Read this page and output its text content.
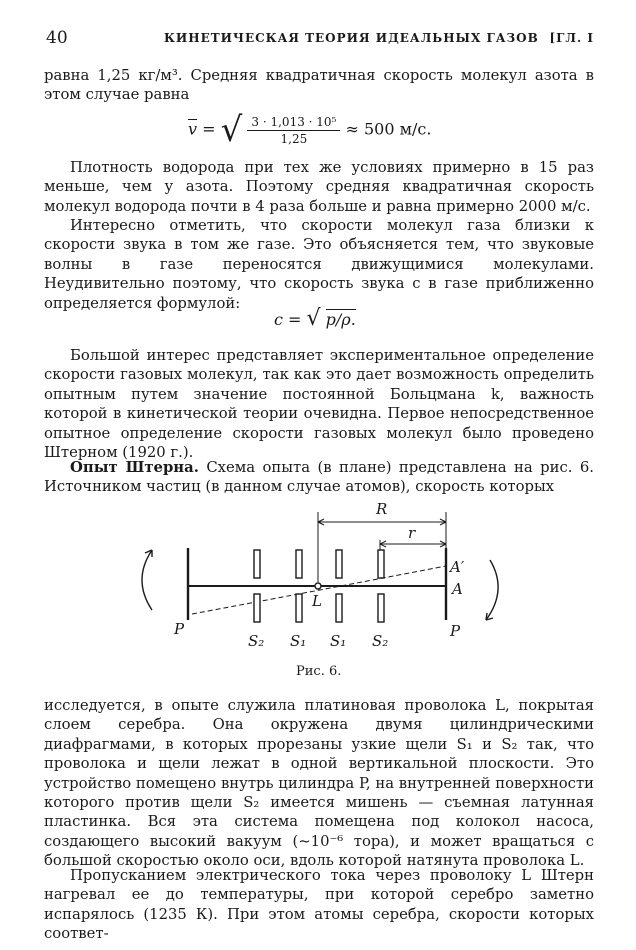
40	КИНЕТИЧЕСКАЯ ТЕОРИЯ ИДЕАЛЬНЫХ ГАЗОВ [ГЛ. I

равна 1,25 кг/м³. Средняя квадратичная скорость молекул азота в этом случае равна

$\overline{v}$ = √ $\frac{\text{3 · 1,013 · 10⁵}}{1,25} \approx 500$ м/с.

Плотность водорода при тех же условиях примерно в 15 раз меньше, чем у азота. Поэтому средняя квадратичная скорость молекул водорода почти в 4 раза больше и равна примерно 2000 м/с.

Интересно отметить, что скорости молекул газа близки к скорости звука в том же газе. Это объясняется тем, что звуковые волны в газе переносятся движущимися молекулами. Неудивительно поэтому, что скорость звука c в газе приближенно определяется формулой:

c = √ p/ρ.

Большой интерес представляет экспериментальное определение скорости газовых молекул, так как это дает возможность определить опытным путем значение постоянной Больцмана k, важность которой в кинетической теории очевидна. Первое непосредственное опытное определение скорости газовых молекул было проведено Штерном (1920 г.).

Опыт Штерна. Схема опыта (в плане) представлена на рис. 6. Источником частиц (в данном случае атомов), скорость которых

R
r
A′
A
L
P	P
S₂ S₁ S₁ S₂
Рис. 6.

исследуется, в опыте служила платиновая проволока L, покрытая слоем серебра. Она окружена двумя цилиндрическими диафрагмами, в которых прорезаны узкие щели S₁ и S₂ так, что проволока и щели лежат в одной вертикальной плоскости. Это устройство помещено внутрь цилиндра P, на внутренней поверхности которого против щели S₂ имеется мишень — съемная латунная пластинка. Вся эта система помещена под колокол насоса, создающего высокий вакуум (~10⁻⁶ тора), и может вращаться с большой скоростью около оси, вдоль которой натянута проволока L.

Пропусканием электрического тока через проволоку L Штерн нагревал ее до температуры, при которой серебро заметно испарялось (1235 К). При этом атомы серебра, скорости которых соответ-
